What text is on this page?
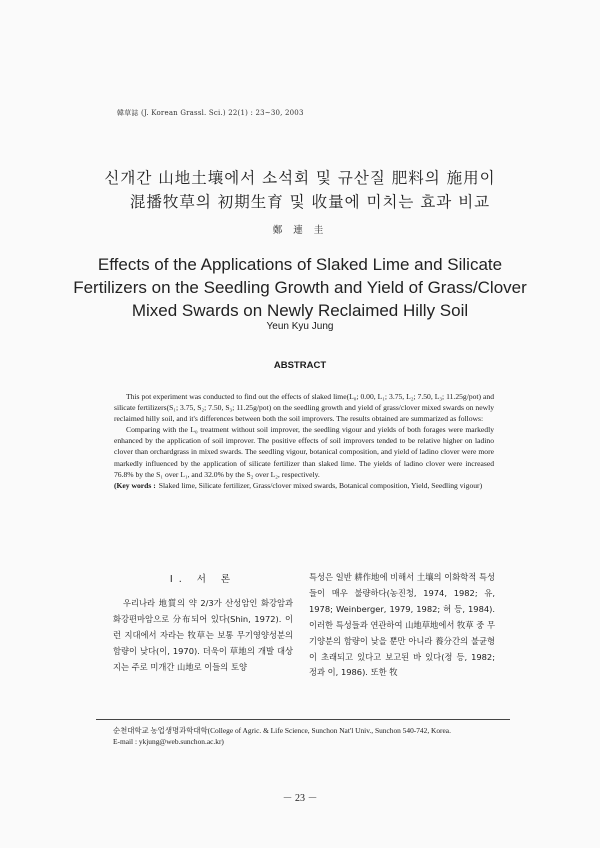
韓草誌 (J. Korean Grassl. Sci.) 22(1) : 23~30, 2003
신개간 山地土壤에서 소석회 및 규산질 肥料의 施用이
混播牧草의 初期生育 및 收量에 미치는 효과 비교
鄭 連 圭
Effects of the Applications of Slaked Lime and Silicate
Fertilizers on the Seedling Growth and Yield of Grass/Clover
Mixed Swards on Newly Reclaimed Hilly Soil
Yeun Kyu Jung
ABSTRACT

This pot experiment was conducted to find out the effects of slaked lime(L₀; 0.00, L₁; 3.75, L₂; 7.50, L₃; 11.25g/pot) and silicate fertilizers(S₁; 3.75, S₂; 7.50, S₃; 11.25g/pot) on the seedling growth and yield of grass/clover mixed swards on newly reclaimed hilly soil, and it's differences between both the soil improvers. The results obtained are summarized as follows:

Comparing with the L₀ treatment without soil improver, the seedling vigour and yields of both forages were markedly enhanced by the application of soil improver. The positive effects of soil improvers tended to be relative higher on ladino clover than orchardgrass in mixed swards. The seedling vigour, botanical composition, and yield of ladino clover were more markedly influenced by the application of silicate fertilizer than slaked lime. The yields of ladino clover were increased 76.8% by the S₁ over L₁, and 32.0% by the S₂ over L₂, respectively.

(Key words : Slaked lime, Silicate fertilizer, Grass/clover mixed swards, Botanical composition, Yield, Seedling vigour)
Ⅰ. 서 론

우리나라 地質의 약 2/3가 산성암인 화강암과 화강편마암으로 分布되어 있다(Shin, 1972). 이런 지대에서 자라는 牧草는 보통 무기영양성분의 함량이 낮다(이, 1970). 더욱이 草地의 개발 대상지는 주로 미개간 山地로 이들의 토양

특성은 일반 耕作地에 비해서 土壤의 이화학적 특성들이 매우 불량하다(농진청, 1974, 1982; 유, 1978; Weinberger, 1979, 1982; 허 등, 1984). 이러한 특성들과 연관하여 山地草地에서 牧草 중 무기양분의 함량이 낮을 뿐만 아니라 養分간의 불균형이 초래되고 있다고 보고된 바 있다(정 등, 1982; 정과 이, 1986). 또한 牧

순천대학교 농업생명과학대학(College of Agric. & Life Science, Sunchon Nat'l Univ., Sunchon 540-742, Korea.
E-mail : ykjung@web.sunchon.ac.kr)
－ 23 －
